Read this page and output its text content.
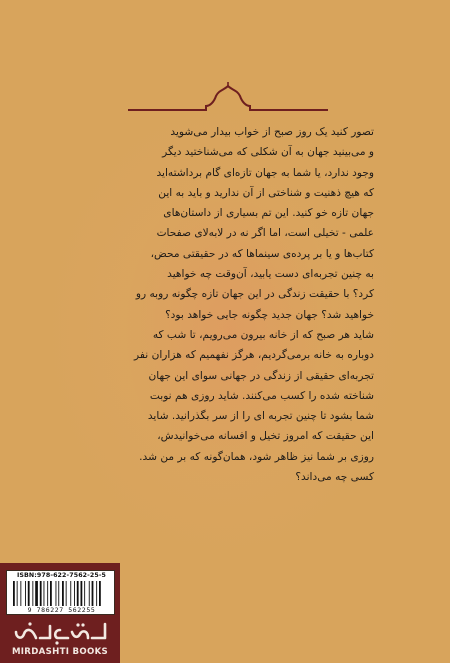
تصور کنید یک روز صبح از خواب بیدار می‌شوید
و می‌بینید جهان به آن شکلی که می‌شناختید دیگر
وجود ندارد، یا شما به جهان تازه‌ای گام برداشته‌اید
که هیچ ذهنیت و شناختی از آن ندارید و باید به این
جهان تازه خو کنید. این تم بسیاری از داستان‌های
علمی - تخیلی است، اما اگر نه در لابه‌لای صفحات
کتاب‌ها و یا بر پرده‌ی سینماها که در حقیقتی محض،
به چنین تجربه‌ای دست یابید، آن‌وقت چه خواهید
کرد؟ با حقیقت زندگی در این جهان تازه چگونه روبه رو
خواهید شد؟ جهان جدید چگونه جایی خواهد بود؟
شاید هر صبح که از خانه بیرون می‌رویم، تا شب که
دوباره به خانه برمی‌گردیم، هرگز نفهمیم که هزاران نفر
تجربه‌ای حقیقی از زندگی در جهانی سوای این جهان
شناخته شده را کسب می‌کنند. شاید روزی هم نوبت
شما بشود تا چنین تجربه ای را از سر بگذرانید. شاید
این حقیقت که امروز تخیل و افسانه می‌خوانیدش،
روزی بر شما نیز ظاهر شود، همان‌گونه که بر من شد.
کسی چه می‌داند؟
ISBN:978-622-7562-25-5
9 786227 562255
MIRDASHTI BOOKS
